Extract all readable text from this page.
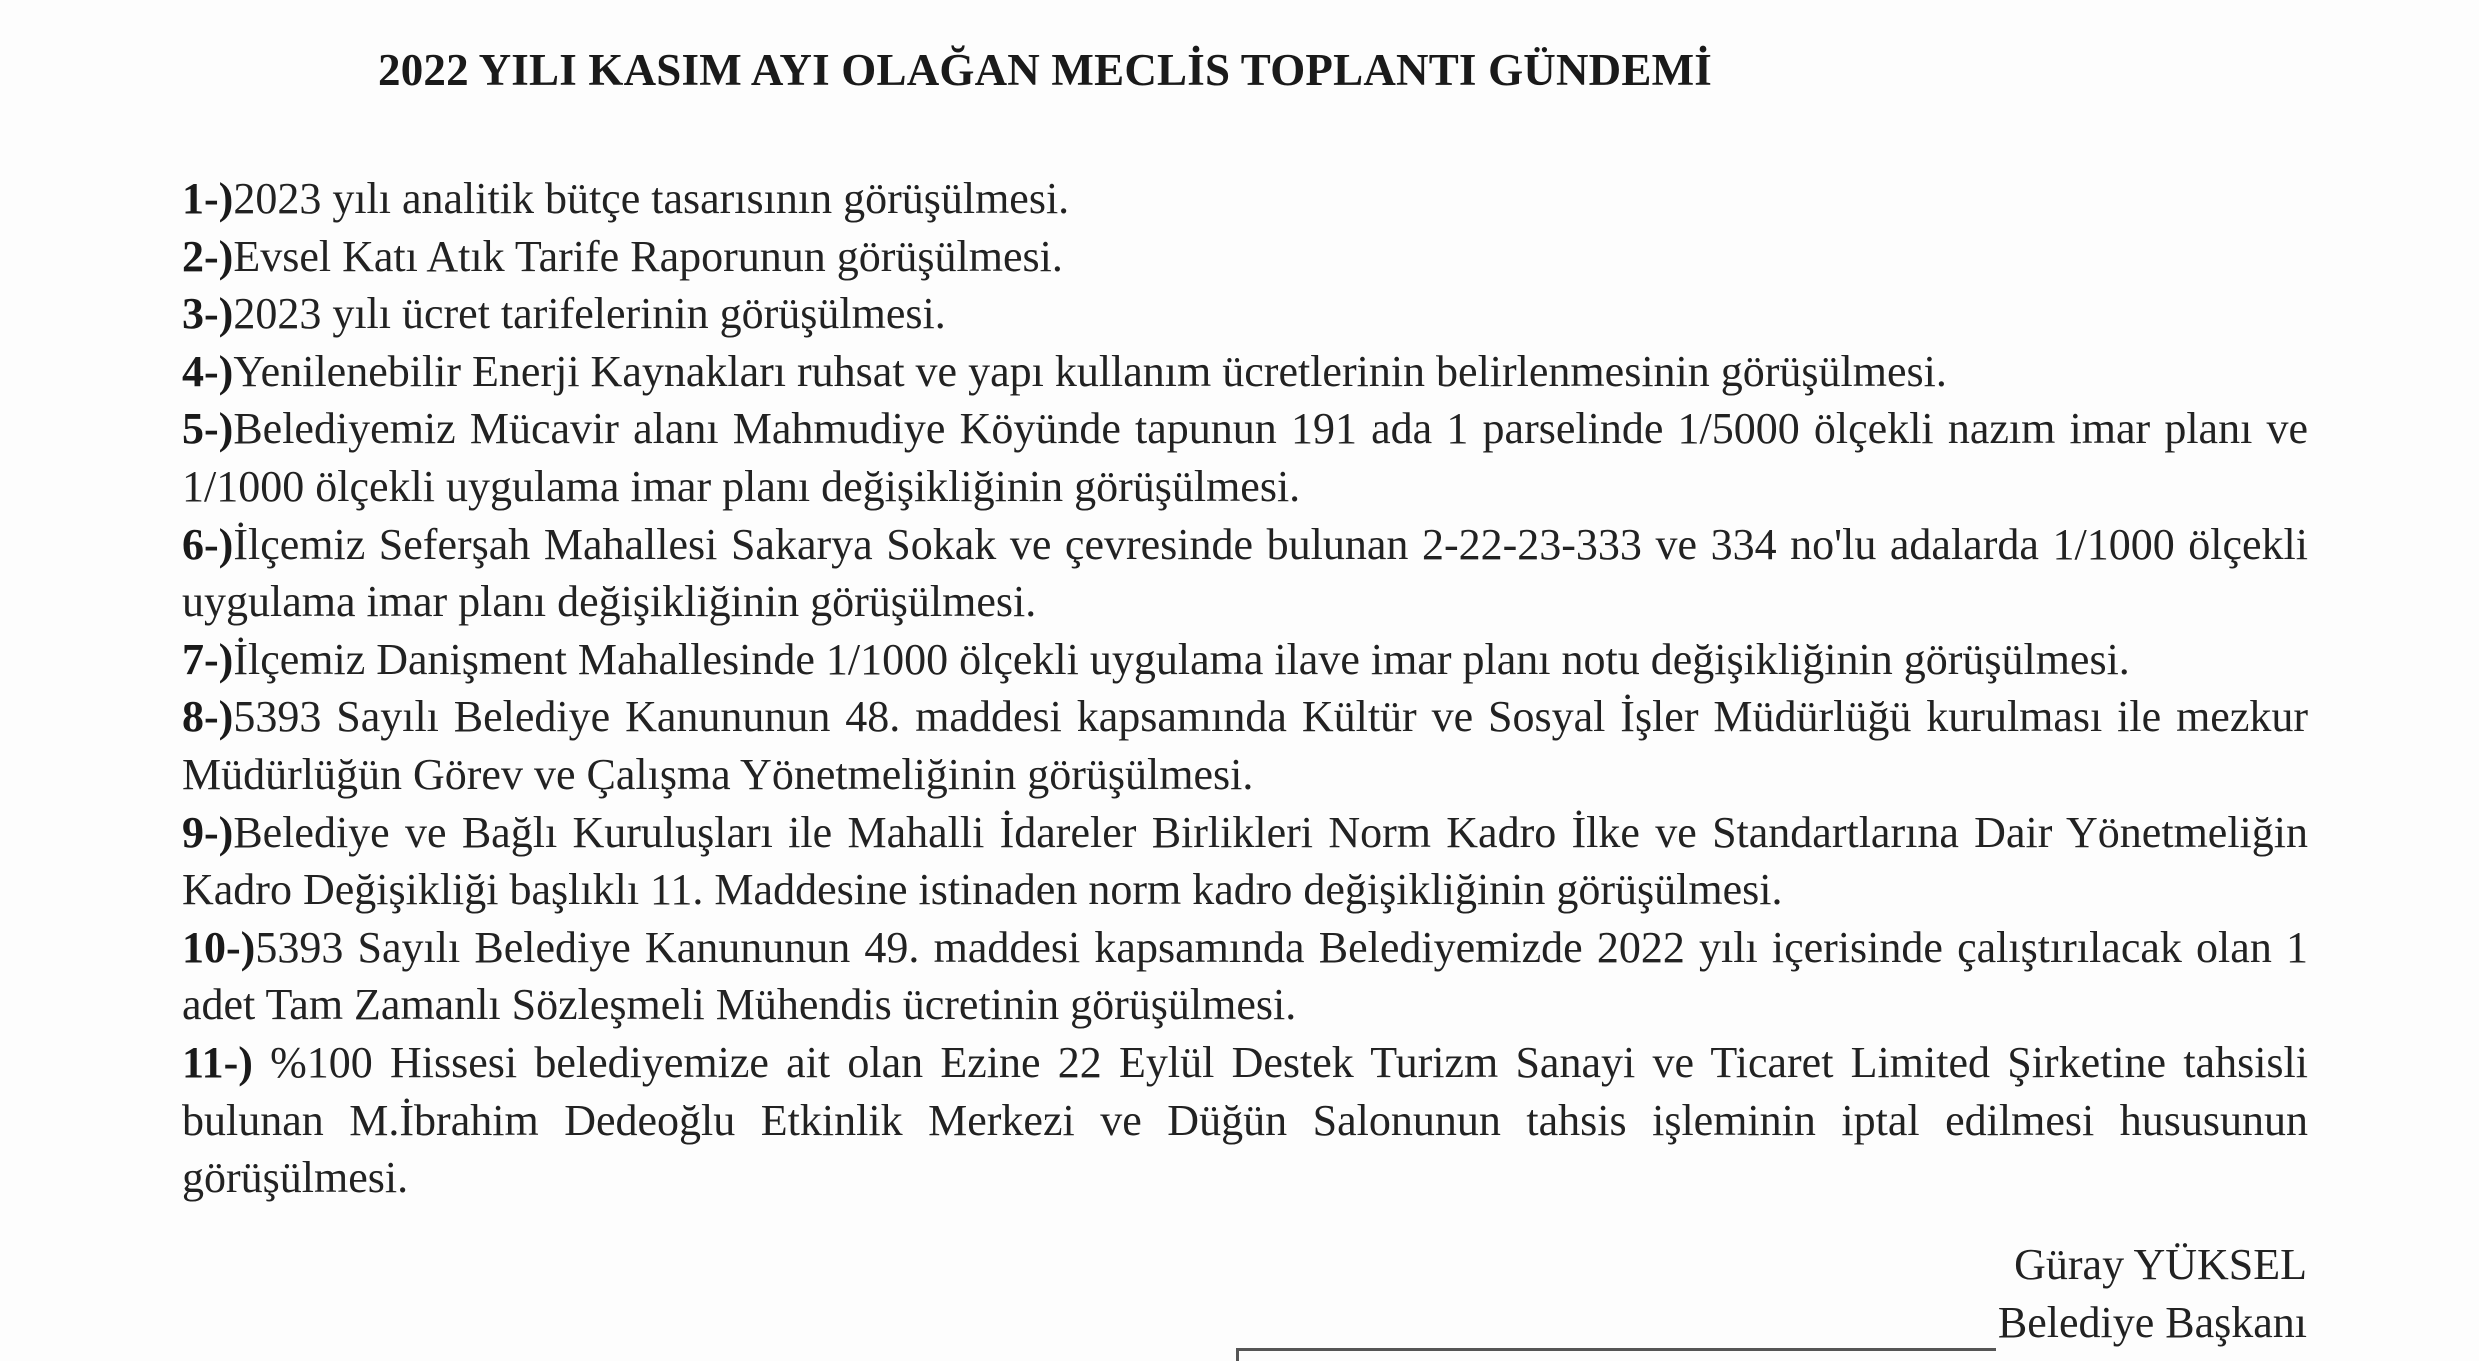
2022 YILI KASIM AYI OLAĞAN MECLİS TOPLANTI GÜNDEMİ
1-)2023 yılı analitik bütçe tasarısının görüşülmesi.
2-)Evsel Katı Atık Tarife Raporunun görüşülmesi.
3-)2023 yılı ücret tarifelerinin görüşülmesi.
4-)Yenilenebilir Enerji Kaynakları ruhsat ve yapı kullanım ücretlerinin belirlenmesinin görüşülmesi.
5-)Belediyemiz Mücavir alanı Mahmudiye Köyünde tapunun 191 ada 1 parselinde 1/5000 ölçekli nazım imar planı ve 1/1000 ölçekli uygulama imar planı değişikliğinin görüşülmesi.
6-)İlçemiz Seferşah Mahallesi Sakarya Sokak ve çevresinde bulunan 2-22-23-333 ve 334 no'lu adalarda 1/1000 ölçekli uygulama imar planı değişikliğinin görüşülmesi.
7-)İlçemiz Danişment Mahallesinde 1/1000 ölçekli uygulama ilave imar planı notu değişikliğinin görüşülmesi.
8-)5393 Sayılı Belediye Kanununun 48. maddesi kapsamında Kültür ve Sosyal İşler Müdürlüğü kurulması ile mezkur Müdürlüğün Görev ve Çalışma Yönetmeliğinin görüşülmesi.
9-)Belediye ve Bağlı Kuruluşları ile Mahalli İdareler Birlikleri Norm Kadro İlke ve Standartlarına Dair Yönetmeliğin Kadro Değişikliği başlıklı 11. Maddesine istinaden norm kadro değişikliğinin görüşülmesi.
10-)5393 Sayılı Belediye Kanununun 49. maddesi kapsamında Belediyemizde 2022 yılı içerisinde çalıştırılacak olan 1 adet Tam Zamanlı Sözleşmeli Mühendis ücretinin görüşülmesi.
11-) %100 Hissesi belediyemize ait olan Ezine 22 Eylül Destek Turizm Sanayi ve Ticaret Limited Şirketine tahsisli bulunan M.İbrahim Dedeoğlu Etkinlik Merkezi ve Düğün Salonunun tahsis işleminin iptal edilmesi hususunun görüşülmesi.
Güray YÜKSEL
Belediye Başkanı
